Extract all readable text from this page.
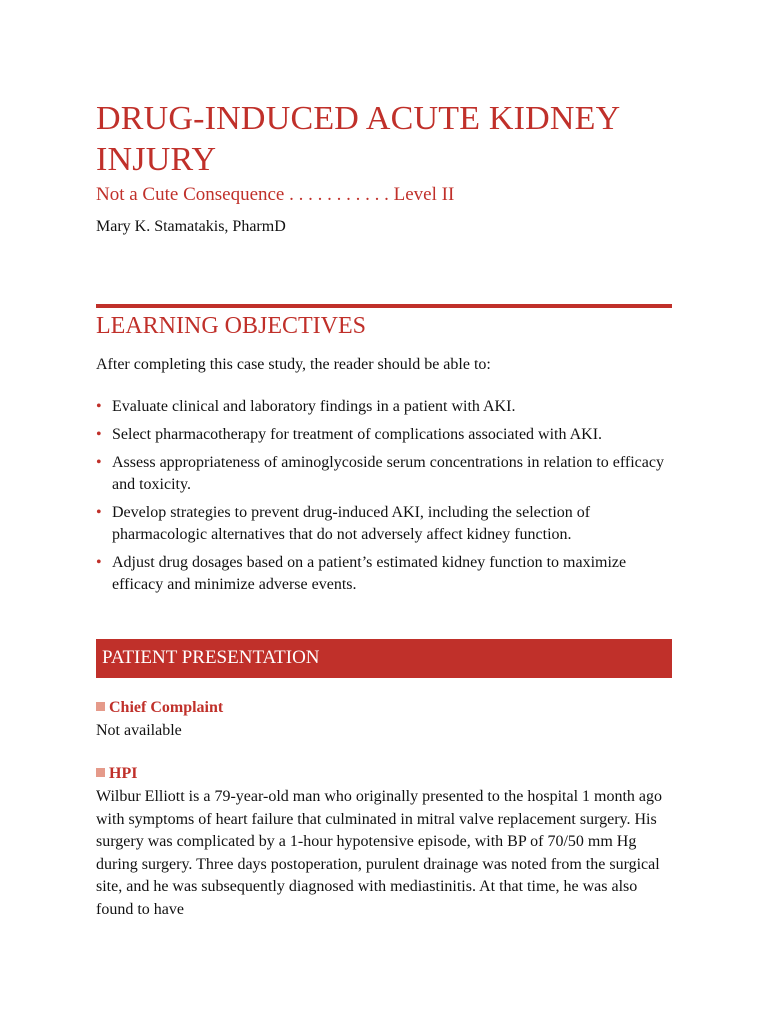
DRUG-INDUCED ACUTE KIDNEY INJURY
Not a Cute Consequence . . . . . . . . . . . Level II
Mary K. Stamatakis, PharmD
LEARNING OBJECTIVES
After completing this case study, the reader should be able to:
• Evaluate clinical and laboratory findings in a patient with AKI.
• Select pharmacotherapy for treatment of complications associated with AKI.
• Assess appropriateness of aminoglycoside serum concentrations in relation to efficacy and toxicity.
• Develop strategies to prevent drug-induced AKI, including the selection of pharmacologic alternatives that do not adversely affect kidney function.
• Adjust drug dosages based on a patient’s estimated kidney function to maximize efficacy and minimize adverse events.
PATIENT PRESENTATION
Chief Complaint
Not available
HPI
Wilbur Elliott is a 79-year-old man who originally presented to the hospital 1 month ago with symptoms of heart failure that culminated in mitral valve replacement surgery. His surgery was complicated by a 1-hour hypotensive episode, with BP of 70/50 mm Hg during surgery. Three days postoperation, purulent drainage was noted from the surgical site, and he was subsequently diagnosed with mediastinitis. At that time, he was also found to have
